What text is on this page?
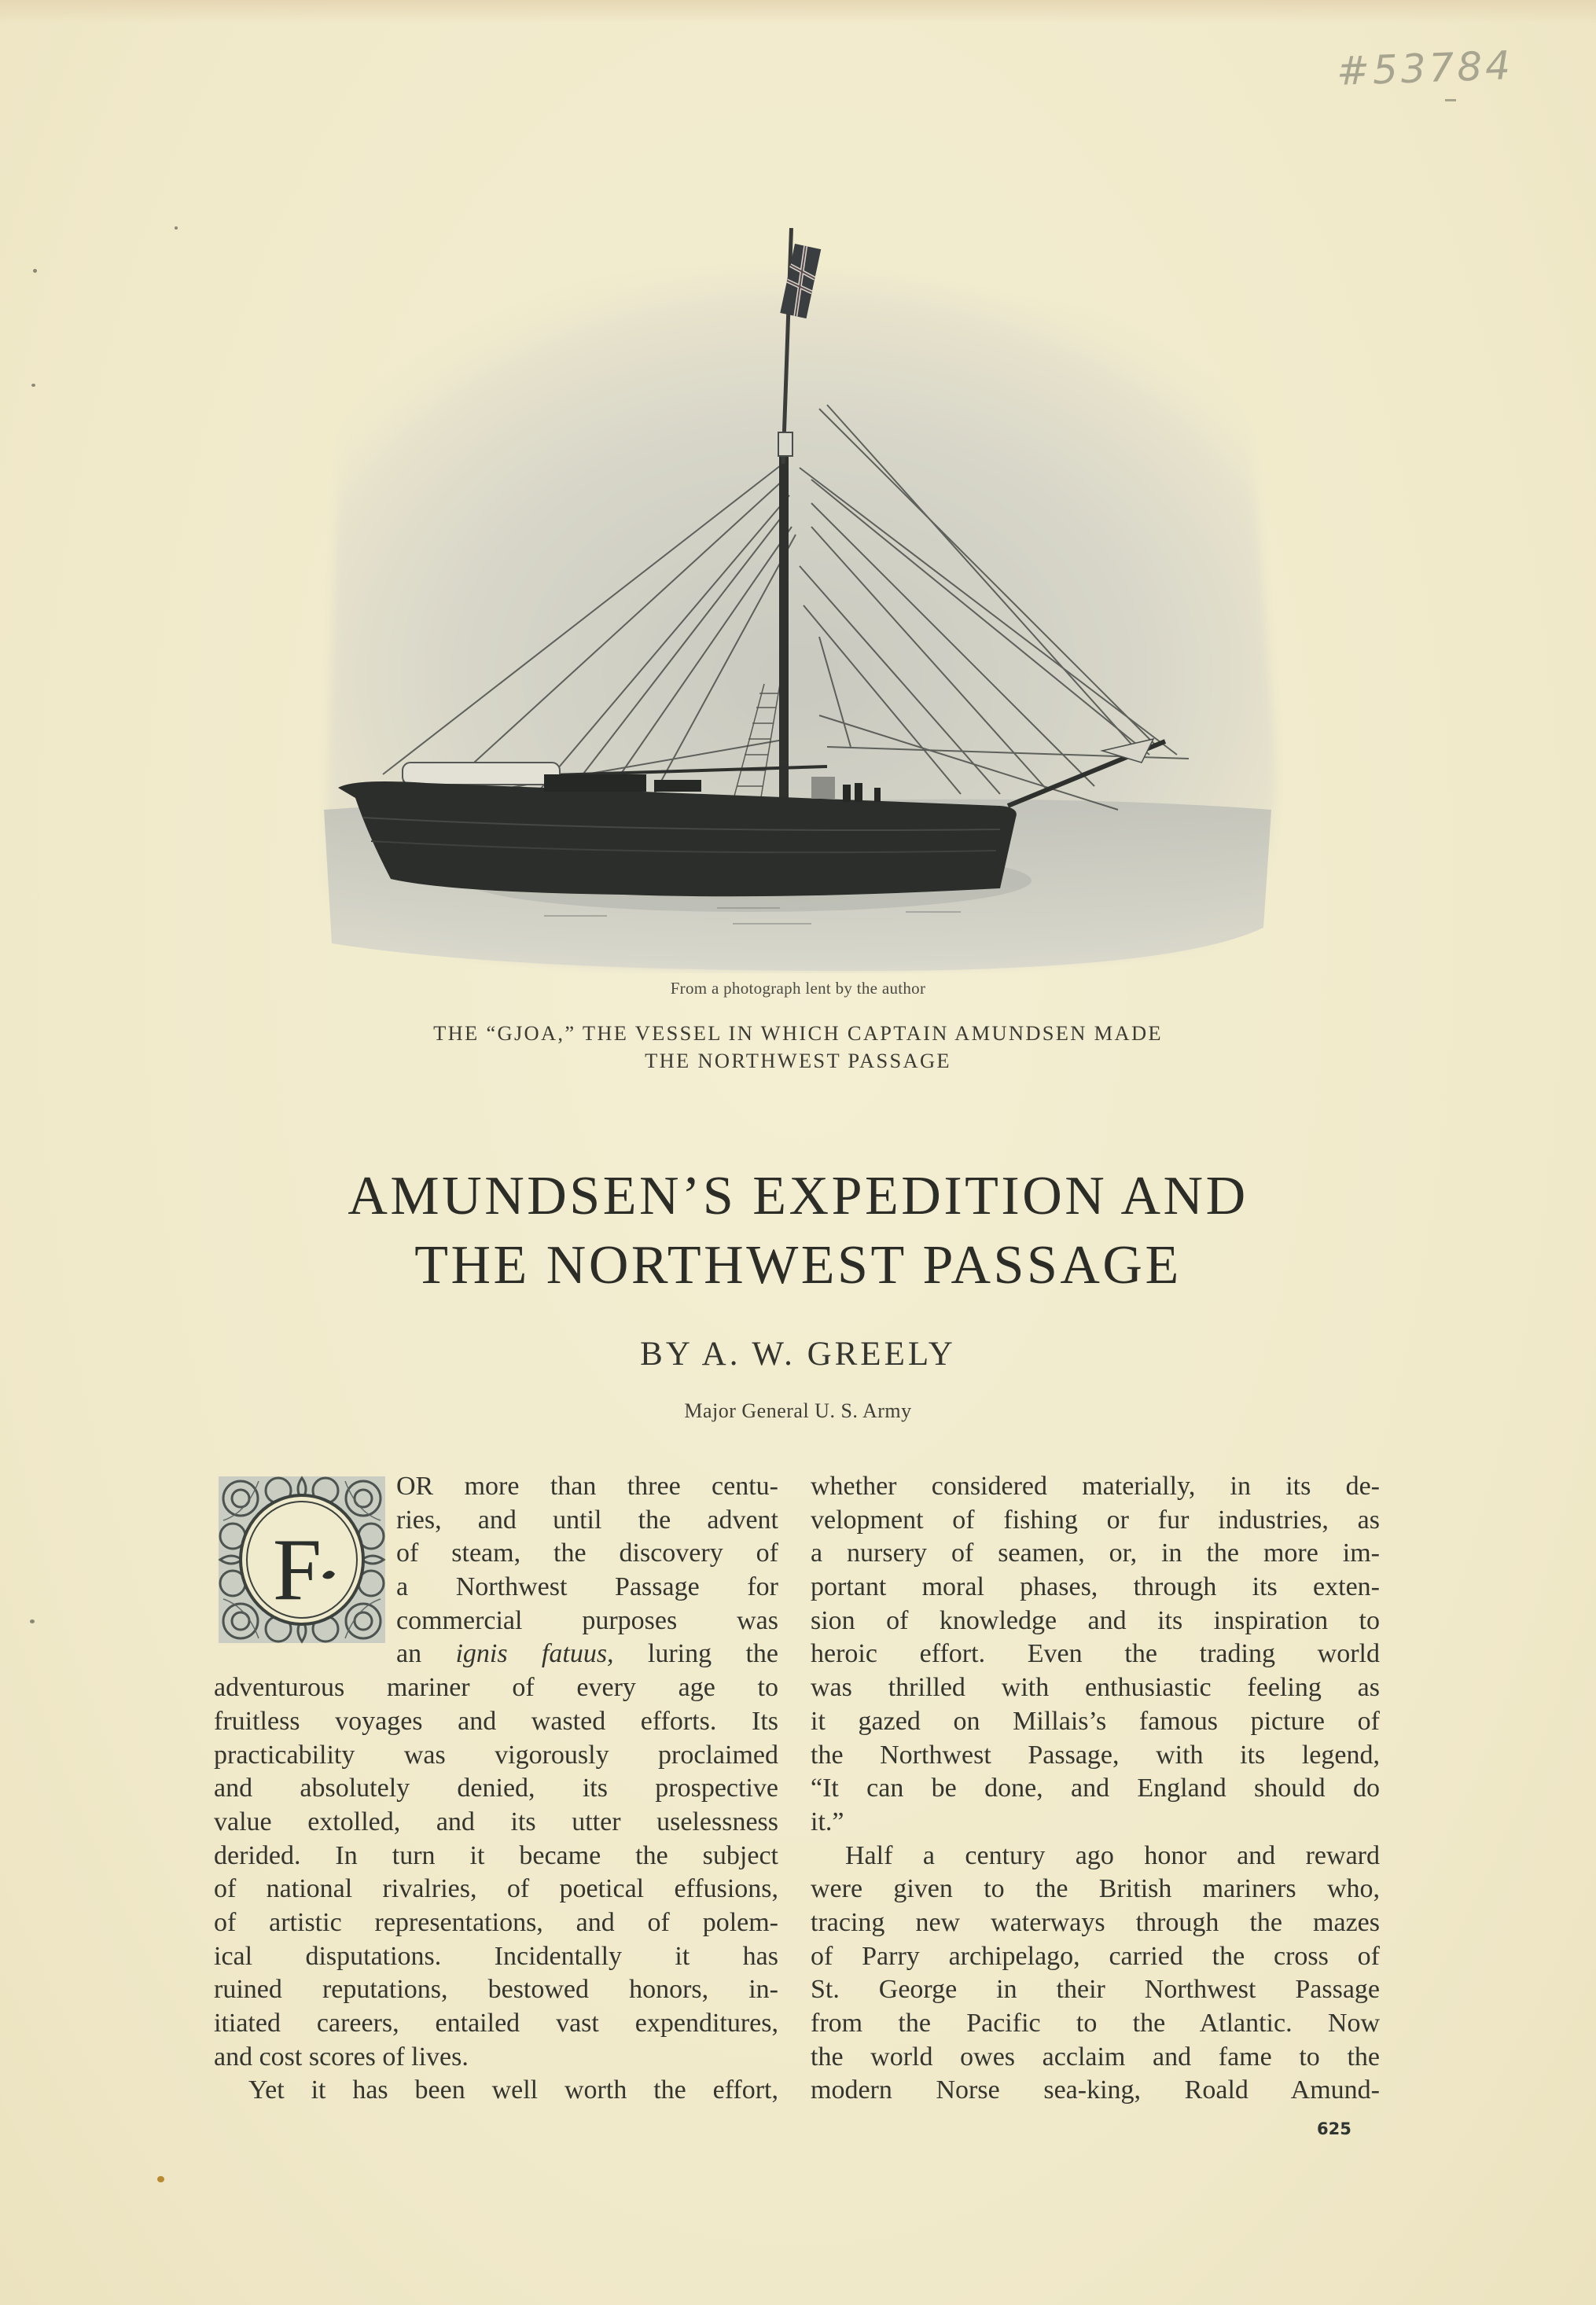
#53784
From a photograph lent by the author
THE “GJOA,” THE VESSEL IN WHICH CAPTAIN AMUNDSEN MADE
THE NORTHWEST PASSAGE
AMUNDSEN’S EXPEDITION AND
THE NORTHWEST PASSAGE
BY A. W. GREELY
Major General U. S. Army
F
OR more than three centu-
ries, and until the advent
of steam, the discovery of
a Northwest Passage for
commercial purposes was
an ignis fatuus, luring the
adventurous mariner of every age to
fruitless voyages and wasted efforts. Its
practicability was vigorously proclaimed
and absolutely denied, its prospective
value extolled, and its utter uselessness
derided. In turn it became the subject
of national rivalries, of poetical effusions,
of artistic representations, and of polem-
ical disputations. Incidentally it has
ruined reputations, bestowed honors, in-
itiated careers, entailed vast expenditures,
and cost scores of lives.
Yet it has been well worth the effort,
whether considered materially, in its de-
velopment of fishing or fur industries, as
a nursery of seamen, or, in the more im-
portant moral phases, through its exten-
sion of knowledge and its inspiration to
heroic effort. Even the trading world
was thrilled with enthusiastic feeling as
it gazed on Millais’s famous picture of
the Northwest Passage, with its legend,
“It can be done, and England should do
it.”
Half a century ago honor and reward
were given to the British mariners who,
tracing new waterways through the mazes
of Parry archipelago, carried the cross of
St. George in their Northwest Passage
from the Pacific to the Atlantic. Now
the world owes acclaim and fame to the
modern Norse sea-king, Roald Amund-
625
